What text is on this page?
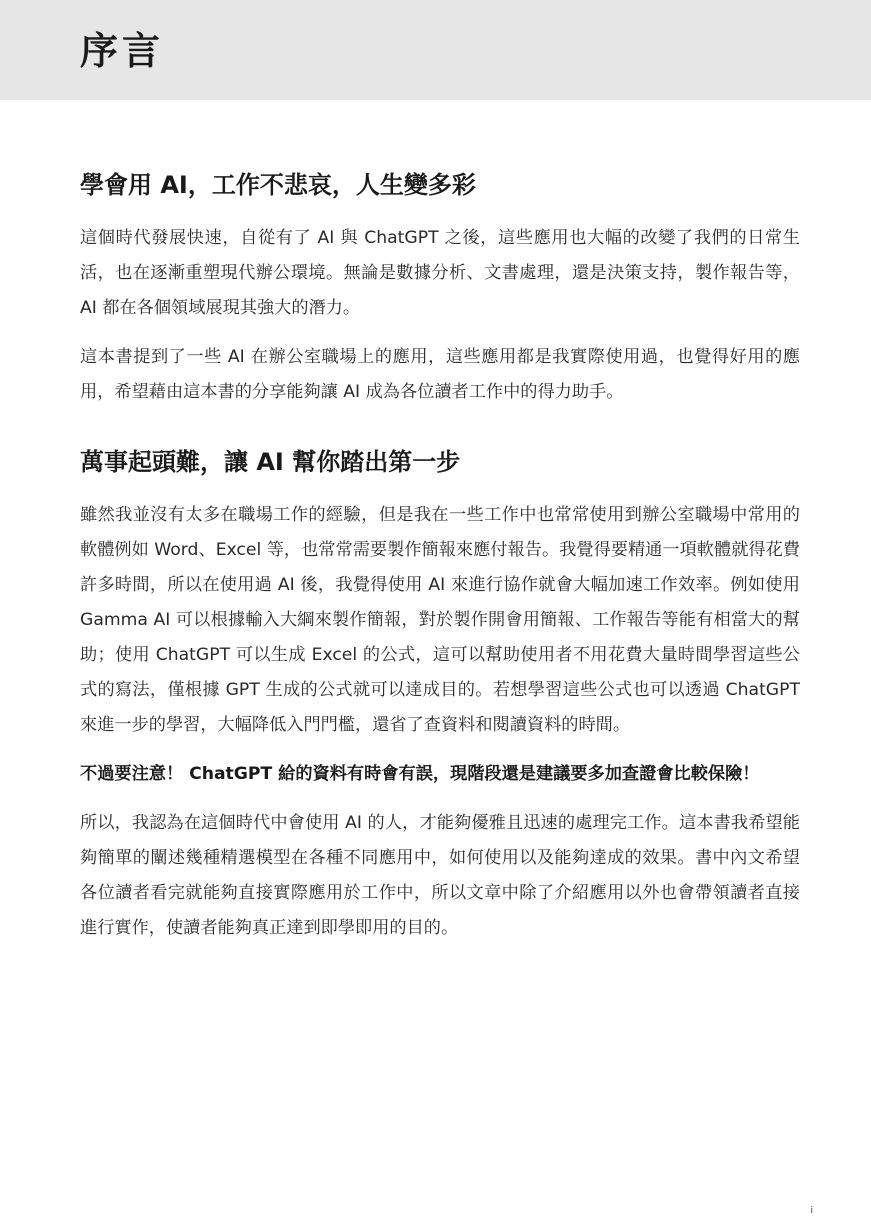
序言
學會用 AI，工作不悲哀，人生變多彩

這個時代發展快速，自從有了 AI 與 ChatGPT 之後，這些應用也大幅的改變了我們的日常生活，也在逐漸重塑現代辦公環境。無論是數據分析、文書處理，還是決策支持，製作報告等，AI 都在各個領域展現其強大的潛力。

這本書提到了一些 AI 在辦公室職場上的應用，這些應用都是我實際使用過，也覺得好用的應用，希望藉由這本書的分享能夠讓 AI 成為各位讀者工作中的得力助手。

萬事起頭難，讓 AI 幫你踏出第一步

雖然我並沒有太多在職場工作的經驗，但是我在一些工作中也常常使用到辦公室職場中常用的軟體例如 Word、Excel 等，也常常需要製作簡報來應付報告。我覺得要精通一項軟體就得花費許多時間，所以在使用過 AI 後，我覺得使用 AI 來進行協作就會大幅加速工作效率。例如使用 Gamma AI 可以根據輸入大綱來製作簡報，對於製作開會用簡報、工作報告等能有相當大的幫助；使用 ChatGPT 可以生成 Excel 的公式，這可以幫助使用者不用花費大量時間學習這些公式的寫法，僅根據 GPT 生成的公式就可以達成目的。若想學習這些公式也可以透過 ChatGPT 來進一步的學習，大幅降低入門門檻，還省了查資料和閱讀資料的時間。

不過要注意！ ChatGPT 給的資料有時會有誤，現階段還是建議要多加查證會比較保險！

所以，我認為在這個時代中會使用 AI 的人，才能夠優雅且迅速的處理完工作。這本書我希望能夠簡單的闡述幾種精選模型在各種不同應用中，如何使用以及能夠達成的效果。書中內文希望各位讀者看完就能夠直接實際應用於工作中，所以文章中除了介紹應用以外也會帶領讀者直接進行實作，使讀者能夠真正達到即學即用的目的。

i
